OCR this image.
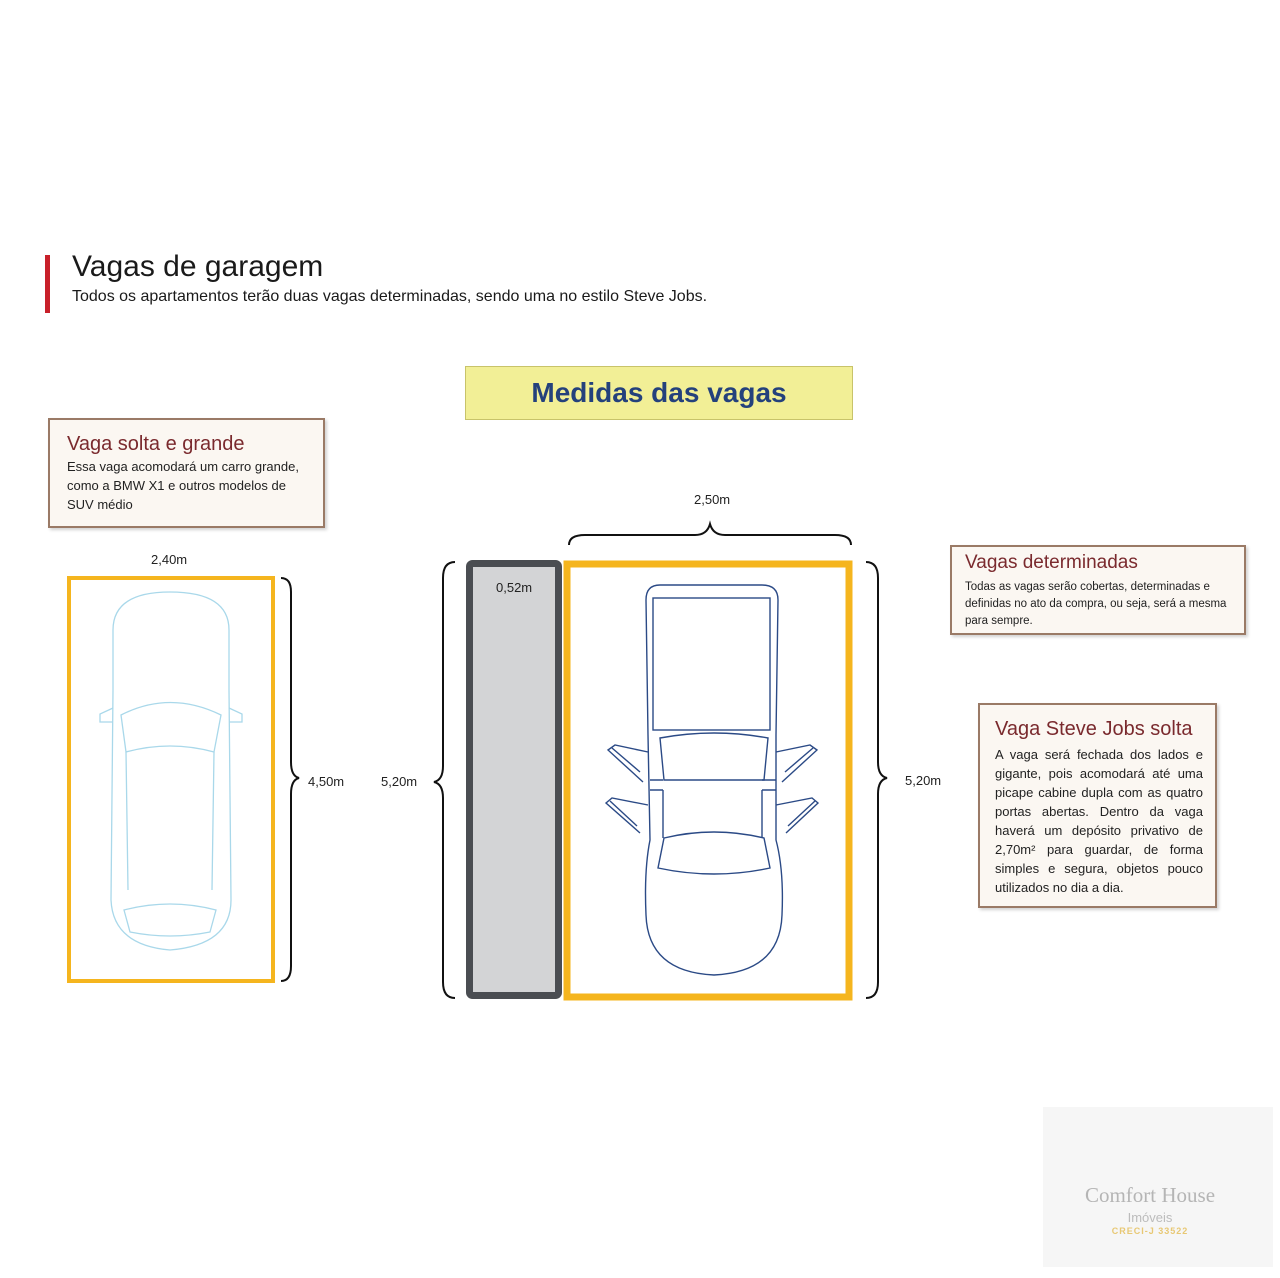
Vagas de garagem
Todos os apartamentos terão duas vagas determinadas, sendo uma no estilo Steve Jobs.
Medidas das vagas
2,40m
4,50m	5,20m
0,52m
2,50m
5,20m
Vaga solta e grande
Essa vaga acomodará um carro grande, como a BMW X1 e outros modelos de SUV médio
Vagas determinadas
Todas as vagas serão cobertas, determinadas e definidas no ato da compra, ou seja, será a mesma para sempre.
Vaga Steve Jobs solta
A vaga será fechada dos lados e gigante, pois acomodará até uma picape cabine dupla com as quatro portas abertas. Dentro da vaga haverá um depósito privativo de 2,70m² para guardar, de forma simples e segura, objetos pouco utilizados no dia a dia.
Comfort House
Imóveis
CRECI-J 33522
